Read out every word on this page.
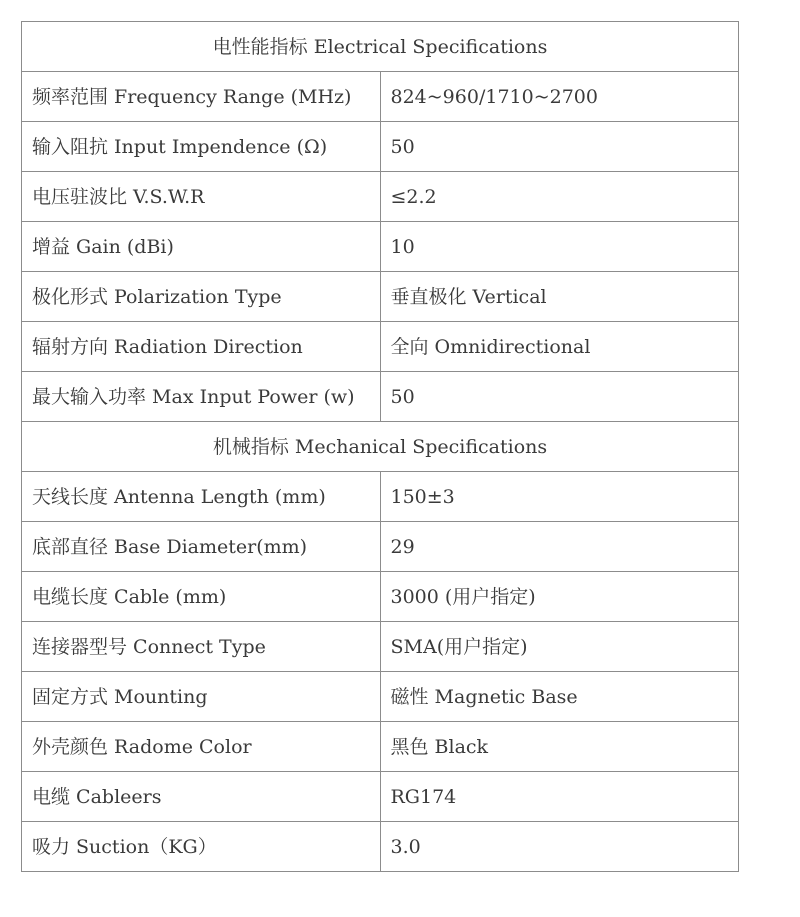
电性能指标 Electrical Specifications	
频率范围 Frequency Range (MHz)	824~960/1710~2700
输入阻抗 Input Impendence (Ω)	50
电压驻波比 V.S.W.R	≤2.2
增益 Gain (dBi)	10
极化形式 Polarization Type	垂直极化 Vertical
辐射方向 Radiation Direction	全向 Omnidirectional
最大输入功率 Max Input Power (w)	50
机械指标 Mechanical Specifications	
天线长度 Antenna Length (mm)	150±3
底部直径 Base Diameter(mm)	29
电缆长度 Cable (mm)	3000 (用户指定)
连接器型号 Connect Type	SMA(用户指定)
固定方式 Mounting	磁性 Magnetic Base
外壳颜色 Radome Color	黑色 Black
电缆 Cableers	RG174
吸力 Suction（KG）	3.0
